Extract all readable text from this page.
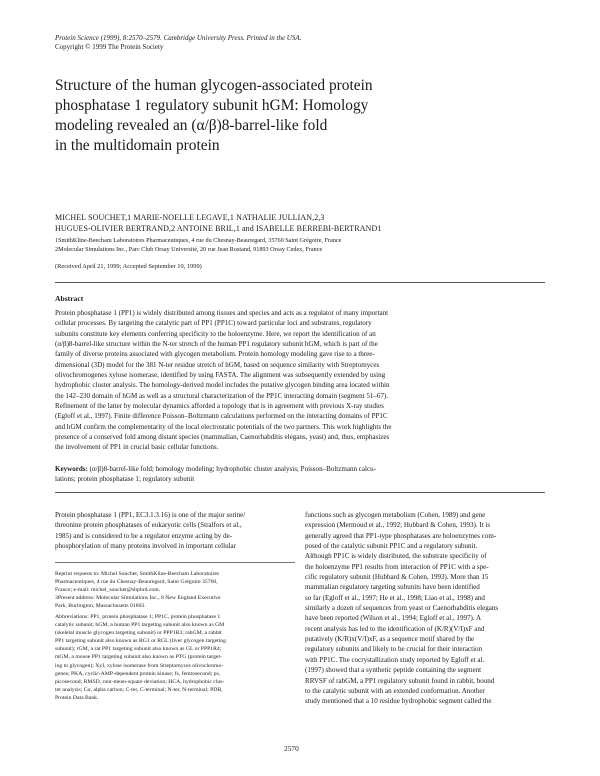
Protein Science (1999), 8:2570–2579. Cambridge University Press. Printed in the USA.
Copyright © 1999 The Protein Society

Structure of the human glycogen-associated protein

phosphatase 1 regulatory subunit hGM: Homology

modeling revealed an (α/β)8-barrel-like fold

in the multidomain protein

MICHEL SOUCHET,1 MARIE-NOELLE LEGAVE,1 NATHALIE JULLIAN,2,3

HUGUES-OLIVIER BERTRAND,2 ANTOINE BRIL,1 and ISABELLE BERREBI-BERTRAND1

1SmithKline-Beecham Laboratoires Pharmaceutiques, 4 rue du Chesnay-Beauregard, 35760 Saint Grégoire, France

2Molecular Simulations Inc., Parc Club Orsay Université, 20 rue Jean Rostand, 91893 Orsay Cedex, France

(Received April 21, 1999; Accepted September 10, 1999)
Abstract

Protein phosphatase 1 (PP1) is widely distributed among tissues and species and acts as a regulator of many important

cellular processes. By targeting the catalytic part of PP1 (PP1C) toward particular loci and substrates, regulatory

subunits constitute key elements conferring specificity to the holoenzyme. Here, we report the identification of an

(α/β)8-barrel-like structure within the N-ter stretch of the human PP1 regulatory subunit hGM, which is part of the

family of diverse proteins associated with glycogen metabolism. Protein homology modeling gave rise to a three-

dimensional (3D) model for the 381 N-ter residue stretch of hGM, based on sequence similarity with Streptomyces

olivochromogenes xylose isomerase, identified by using FASTA. The alignment was subsequently extended by using

hydrophobic cluster analysis. The homology-derived model includes the putative glycogen binding area located within

the 142–230 domain of hGM as well as a structural characterization of the PP1C interacting domain (segment 51–67).

Refinement of the latter by molecular dynamics afforded a topology that is in agreement with previous X-ray studies

(Egloff et al., 1997). Finite difference Poisson–Boltzmann calculations performed on the interacting domains of PP1C

and hGM confirm the complementarity of the local electrostatic potentials of the two partners. This work highlights the

presence of a conserved fold among distant species (mammalian, Caenorhabditis elegans, yeast) and, thus, emphasizes

the involvement of PP1 in crucial basic cellular functions.

Keywords: (α/β)8-barrel-like fold; homology modeling; hydrophobic cluster analysis; Poisson–Boltzmann calcu-

lations; protein phosphatase 1; regulatory subunit

Protein phosphatase 1 (PP1, EC3.1.3.16) is one of the major serine/

threonine protein phosphatases of eukaryotic cells (Stralfors et al.,

1985) and is considered to be a regulator enzyme acting by de-

phosphorylation of many proteins involved in important cellular

Reprint requests to: Michel Souchet, SmithKline-Beecham Laboratoires

Pharmaceutiques, 4 rue du Chesnay-Beauregard, Saint Grégoire 35760,

France; e-mail: michel_souchet@sbphrd.com.

3Present address: Molecular Simulations Inc., 8 New England Executive

Park, Burlington, Massachusetts 01803.

Abbreviations: PP1, protein phosphatase 1; PP1C, protein phosphatase 1

catalytic subunit; hGM, a human PP1 targeting subunit also known as GM

(skeletal muscle glycogen targeting subunit) or PPP1R3; rabGM, a rabbit

PP1 targeting subunit also known as RG1 or RGL (liver glycogen targeting

subunit); rGM, a rat PP1 targeting subunit also known as GL or PPP1R4;

mGM, a mouse PP1 targeting subunit also known as PTG (protein target-

ing to glycogen); XyI, xylose isomerase from Streptomyces olivochromo-

genes; PKA, cyclic-AMP-dependent protein kinase; fs, femtosecond; ps,

picosecond; RMSD, root-mean-square deviation; HCA, hydrophobic clus-

ter analysis; Cα, alpha carbon; C-ter, C-terminal; N-ter, N-terminal; PDB,

Protein Data Bank.

functions such as glycogen metabolism (Cohen, 1989) and gene

expression (Mermoud et al., 1992; Hubbard & Cohen, 1993). It is

generally agreed that PP1-type phosphatases are holoenzymes com-

posed of the catalytic subunit PP1C and a regulatory subunit.

Although PP1C is widely distributed, the substrate specificity of

the holoenzyme PP1 results from interaction of PP1C with a spe-

cific regulatory subunit (Hubbard & Cohen, 1993). More than 15

mammalian regulatory targeting subunits have been identified

so far (Egloff et al., 1997; He et al., 1998; Liao et al., 1998) and

similarly a dozen of sequences from yeast or Caenorhabditis elegans

have been reported (Wilson et al., 1994; Egloff et al., 1997). A

recent analysis has led to the identification of (K/R)(V/I)xF and

putatively (K/R)x(V/I)xF, as a sequence motif shared by the

regulatory subunits and likely to be crucial for their interaction

with PP1C. The cocrystallization study reported by Egloff et al.

(1997) showed that a synthetic peptide containing the segment

RRVSF of rabGM, a PP1 regulatory subunit found in rabbit, bound

to the catalytic subunit with an extended conformation. Another

study mentioned that a 10 residue hydrophobic segment called the

2570
